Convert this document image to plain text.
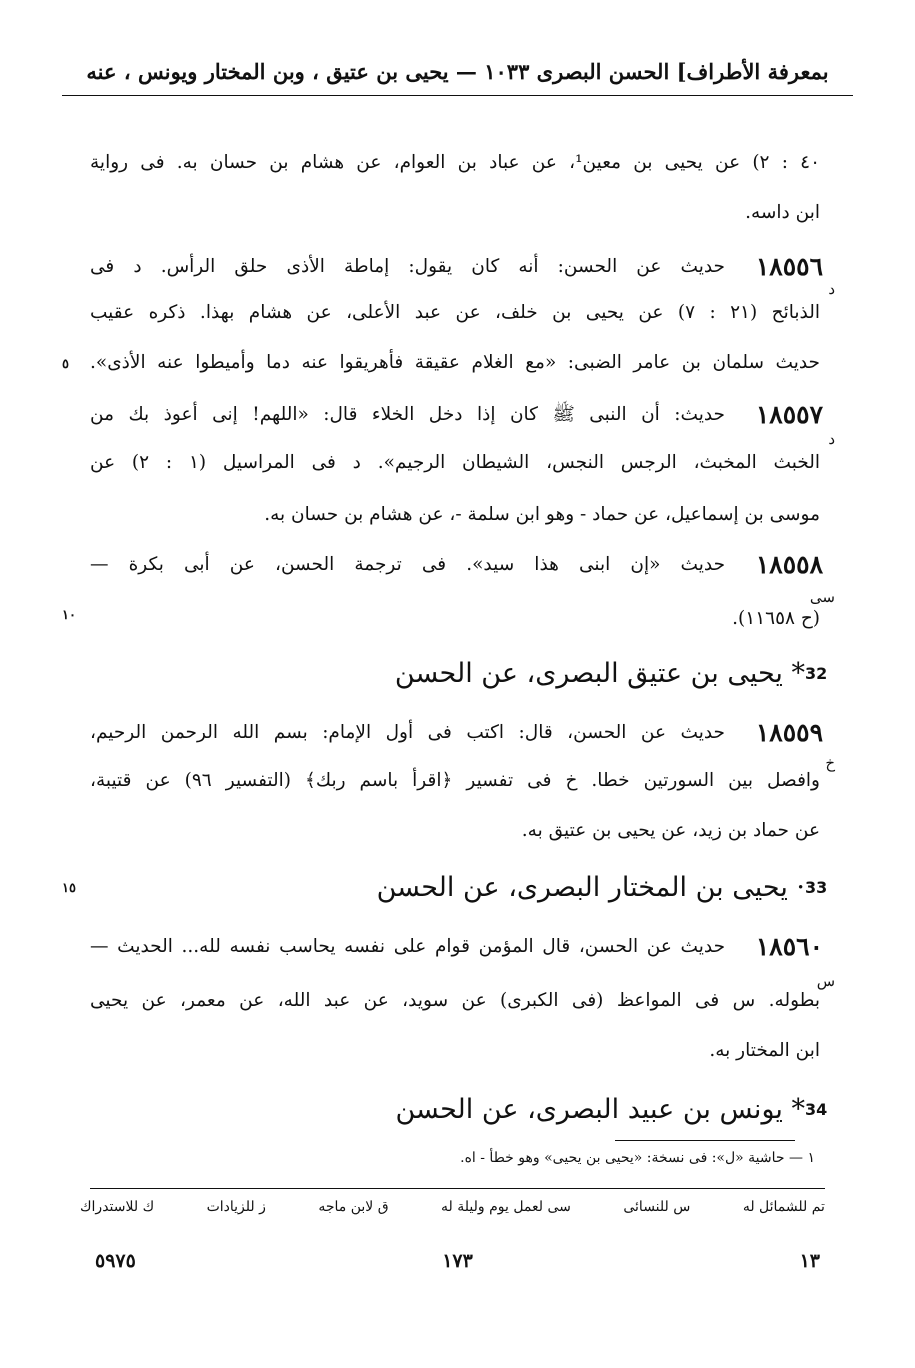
بمعرفة الأطراف] الحسن البصرى ١٠٣٣ — يحيى بن عتيق ، وبن المختار ويونس ، عنه
٤٠ : ٢) عن يحيى بن معين¹، عن عباد بن العوام، عن هشام بن حسان به. فى رواية
ابن داسه.
١٨٥٥٦
حديث عن الحسن: أنه كان يقول: إماطة الأذى حلق الرأس. د فى
د
الذبائح (٢١ : ٧) عن يحيى بن خلف، عن عبد الأعلى، عن هشام بهذا. ذكره عقيب
حديث سلمان بن عامر الضبى: «مع الغلام عقيقة فأهريقوا عنه دما وأميطوا عنه الأذى».
٥
١٨٥٥٧
حديث: أن النبى ﷺ كان إذا دخل الخلاء قال: «اللهم! إنى أعوذ بك من
د
الخبث المخبث، الرجس النجس، الشيطان الرجيم». د فى المراسيل (١ : ٢) عن
موسى بن إسماعيل، عن حماد - وهو ابن سلمة -، عن هشام بن حسان به.
١٨٥٥٨
حديث «إن ابنى هذا سيد». فى ترجمة الحسن، عن أبى بكرة —
سى
(ح ١١٦٥٨).
١٠
32
* يحيى بن عتيق البصرى، عن الحسن
١٨٥٥٩
حديث عن الحسن، قال: اكتب فى أول الإمام: بسم الله الرحمن الرحيم،
خ
وافصل بين السورتين خطا. خ فى تفسير ﴿اقرأ باسم ربك﴾ (التفسير ٩٦) عن قتيبة،
عن حماد بن زيد، عن يحيى بن عتيق به.
33
· يحيى بن المختار البصرى، عن الحسن
١٥
١٨٥٦٠
حديث عن الحسن، قال المؤمن قوام على نفسه يحاسب نفسه لله... الحديث —
س
بطوله. س فى المواعظ (فى الكبرى) عن سويد، عن عبد الله، عن معمر، عن يحيى
ابن المختار به.
34
* يونس بن عبيد البصرى، عن الحسن
١ — حاشية «ل»: فى نسخة: «يحيى بن يحيى» وهو خطأ - اه.
تم للشمائل له
س للنسائى
سى لعمل يوم وليلة له
ق لابن ماجه
ز للزيادات
ك للاستدراك
١٣
١٧٣
٥٩٧٥
